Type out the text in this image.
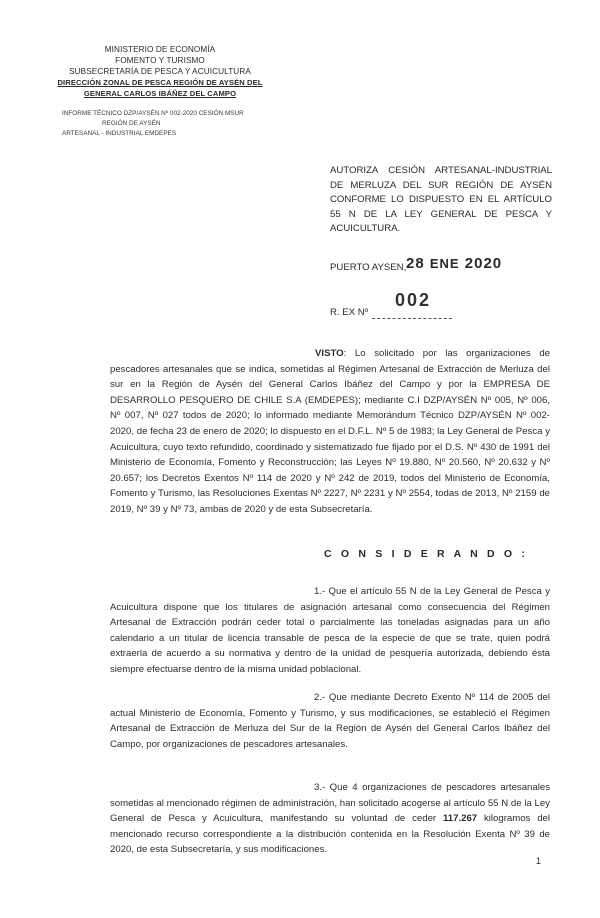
MINISTERIO DE ECONOMÍA
FOMENTO Y TURISMO
SUBSECRETARÍA DE PESCA Y ACUICULTURA
DIRECCIÓN ZONAL DE PESCA REGIÓN DE AYSÉN DEL
GENERAL CARLOS IBÁÑEZ DEL CAMPO
INFORME TÉCNICO DZP/AYSÉN Nº 002-2020 CESIÓN MSUR
REGIÓN DE AYSÉN
ARTESANAL - INDUSTRIAL EMDEPES
AUTORIZA CESIÓN ARTESANAL-INDUSTRIAL DE MERLUZA DEL SUR REGIÓN DE AYSÉN CONFORME LO DISPUESTO EN EL ARTÍCULO 55 N DE LA LEY GENERAL DE PESCA Y ACUICULTURA.
PUERTO AYSEN, 28 ENE 2020
002
R. EX Nº
VISTO: Lo solicitado por las organizaciones de pescadores artesanales que se indica, sometidas al Régimen Artesanal de Extracción de Merluza del sur en la Región de Aysén del General Carlos Ibáñez del Campo y por la EMPRESA DE DESARROLLO PESQUERO DE CHILE S.A (EMDEPES); mediante C.I DZP/AYSÉN Nº 005, Nº 006, Nº 007, Nº 027 todos de 2020; lo informado mediante Memorándum Técnico DZP/AYSÉN Nº 002-2020, de fecha 23 de enero de 2020; lo dispuesto en el D.F.L. Nº 5 de 1983; la Ley General de Pesca y Acuicultura, cuyo texto refundido, coordinado y sistematizado fue fijado por el D.S. Nº 430 de 1991 del Ministerio de Economía, Fomento y Reconstrucción; las Leyes Nº 19.880, Nº 20.560, Nº 20.632 y Nº 20.657; los Decretos Exentos Nº 114 de 2020 y Nº 242 de 2019, todos del Ministerio de Economía, Fomento y Turismo, las Resoluciones Exentas Nº 2227, Nº 2231 y Nº 2554, todas de 2013, Nº 2159 de 2019, Nº 39 y Nº 73, ambas de 2020 y de esta Subsecretaría.
C O N S I D E R A N D O :
1.- Que el artículo 55 N de la Ley General de Pesca y Acuicultura dispone que los titulares de asignación artesanal como consecuencia del Régimen Artesanal de Extracción podrán ceder total o parcialmente las toneladas asignadas para un año calendario a un titular de licencia transable de pesca de la especie de que se trate, quien podrá extraerla de acuerdo a su normativa y dentro de la unidad de pesquería autorizada, debiendo ésta siempre efectuarse dentro de la misma unidad poblacional.
2.- Que mediante Decreto Exento Nº 114 de 2005 del actual Ministerio de Economía, Fomento y Turismo, y sus modificaciones, se estableció el Régimen Artesanal de Extracción de Merluza del Sur de la Región de Aysén del General Carlos Ibáñez del Campo, por organizaciones de pescadores artesanales.
3.- Que 4 organizaciones de pescadores artesanales sometidas al mencionado régimen de administración, han solicitado acogerse al artículo 55 N de la Ley General de Pesca y Acuicultura, manifestando su voluntad de ceder 117.267 kilogramos del mencionado recurso correspondiente a la distribución contenida en la Resolución Exenta Nº 39 de 2020, de esta Subsecretaría, y sus modificaciones.
1
